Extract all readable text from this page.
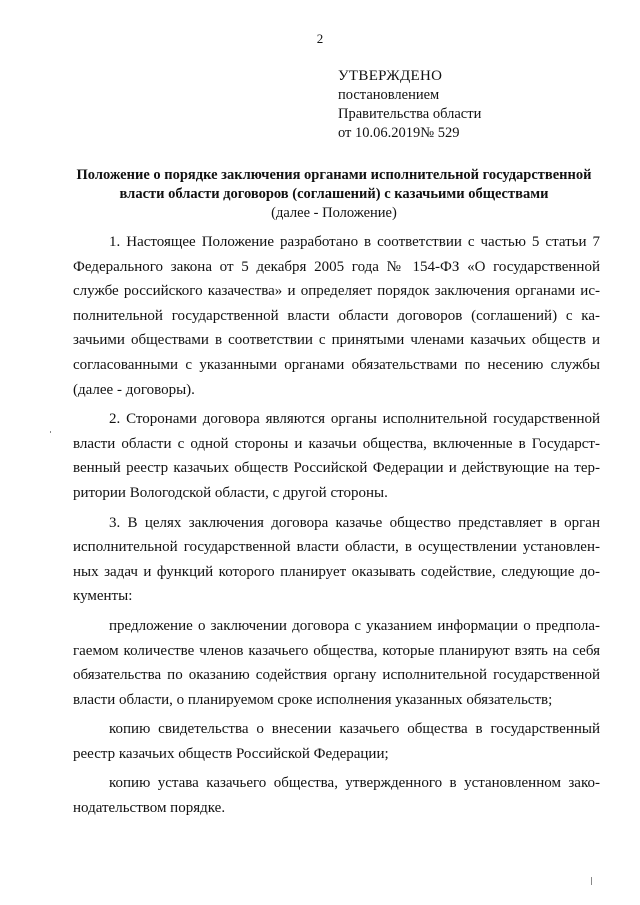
2
УТВЕРЖДЕНО
постановлением
Правительства области
от 10.06.2019№ 529
Положение о порядке заключения органами исполнительной государственной власти области договоров (соглашений) с казачьими обществами
(далее - Положение)

1. Настоящее Положение разработано в соответствии с частью 5 статьи 7 Федерального закона от 5 декабря 2005 года № 154-ФЗ «О государственной службе российского казачества» и определяет порядок заключения органами исполнительной государственной власти области договоров (соглашений) с казачьими обществами в соответствии с принятыми членами казачьих обществ и согласованными с указанными органами обязательствами по несению службы (далее - договоры).

2. Сторонами договора являются органы исполнительной государственной власти области с одной стороны и казачьи общества, включенные в Государственный реестр казачьих обществ Российской Федерации и действующие на территории Вологодской области, с другой стороны.

3. В целях заключения договора казачье общество представляет в орган исполнительной государственной власти области, в осуществлении установленных задач и функций которого планирует оказывать содействие, следующие документы:

предложение о заключении договора с указанием информации о предполагаемом количестве членов казачьего общества, которые планируют взять на себя обязательства по оказанию содействия органу исполнительной государственной власти области, о планируемом сроке исполнения указанных обязательств;

копию свидетельства о внесении казачьего общества в государственный реестр казачьих обществ Российской Федерации;

копию устава казачьего общества, утвержденного в установленном законодательством порядке.
